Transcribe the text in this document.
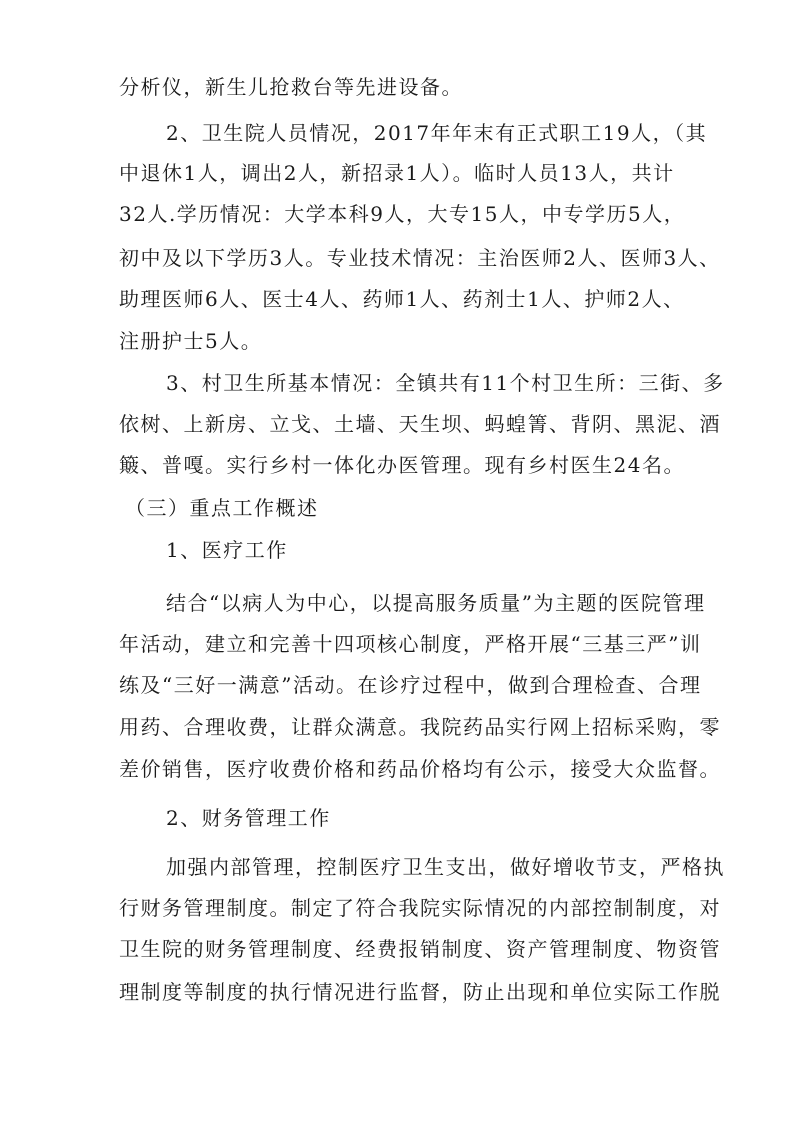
分析仪，新生儿抢救台等先进设备。
2、卫生院人员情况，2017年年末有正式职工19人，（其
中退休1人，调出2人，新招录1人）。临时人员13人，共计
32人.学历情况：大学本科9人，大专15人，中专学历5人，
初中及以下学历3人。专业技术情况：主治医师2人、医师3人、
助理医师6人、医士4人、药师1人、药剂士1人、护师2人、
注册护士5人。
3、村卫生所基本情况：全镇共有11个村卫生所：三街、多
依树、上新房、立戈、土墙、天生坝、蚂蝗箐、背阴、黑泥、酒
簸、普嘎。实行乡村一体化办医管理。现有乡村医生24名。
（三）重点工作概述
1、医疗工作
结合“以病人为中心，以提高服务质量”为主题的医院管理
年活动，建立和完善十四项核心制度，严格开展“三基三严”训
练及“三好一满意”活动。在诊疗过程中，做到合理检查、合理
用药、合理收费，让群众满意。我院药品实行网上招标采购，零
差价销售，医疗收费价格和药品价格均有公示，接受大众监督。
2、财务管理工作
加强内部管理，控制医疗卫生支出，做好增收节支，严格执
行财务管理制度。制定了符合我院实际情况的内部控制制度，对
卫生院的财务管理制度、经费报销制度、资产管理制度、物资管
理制度等制度的执行情况进行监督，防止出现和单位实际工作脱
